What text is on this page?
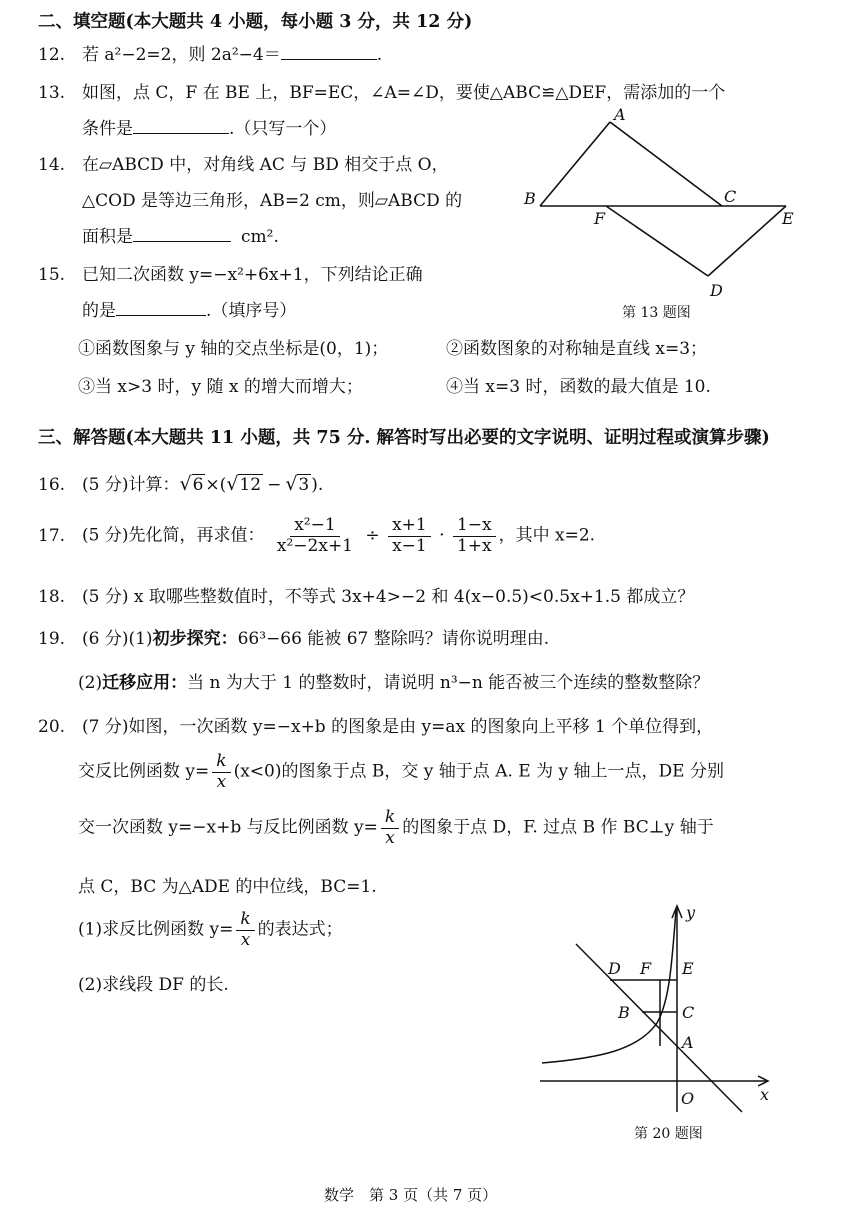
二、填空题(本大题共 4 小题，每小题 3 分，共 12 分)
12. 若 a²−2=2，则 2a²−4＝	.
13. 如图，点 C，F 在 BE 上，BF=EC，∠A=∠D，要使△ABC≌△DEF，需添加的一个
条件是	.（只写一个）
14. 在▱ABCD 中，对角线 AC 与 BD 相交于点 O，
△COD 是等边三角形，AB=2 cm，则▱ABCD 的
面积是	cm².
15. 已知二次函数 y=−x²+6x+1，下列结论正确
的是	.（填序号）
①函数图象与 y 轴的交点坐标是(0，1)；	②函数图象的对称轴是直线 x=3；
③当 x>3 时，y 随 x 的增大而增大；	④当 x=3 时，函数的最大值是 10.
A
B	C
F	E
D
第 13 题图
三、解答题(本大题共 11 小题，共 75 分. 解答时写出必要的文字说明、证明过程或演算步骤)
16. (5 分)计算：√6 ×(√12 − √3 ).
17. (5 分)先化简，再求值： $\frac{\text{x²−1}}{\text{x²−2x+1}} \div \frac{x+1}{x-1} \cdot \frac{1-x}{1+x}$ ，其中 x=2.
18. (5 分) x 取哪些整数值时，不等式 3x+4>−2 和 4(x−0.5)<0.5x+1.5 都成立？
19. (6 分)(1)初步探究：66³−66 能被 67 整除吗？请你说明理由.
(2)迁移应用：当 n 为大于 1 的整数时，请说明 n³−n 能否被三个连续的整数整除？
20. (7 分)如图，一次函数 y=−x+b 的图象是由 y=ax 的图象向上平移 1 个单位得到，
交反比例函数 $y= \frac{k}{x} (x<0)$的图象于点 B，交 y 轴于点 A. E 为 y 轴上一点，DE 分别
交一次函数 y=−x+b 与反比例函数 $y= \frac{k}{x}$ 的图象于点 D，F. 过点 B 作 BC⊥y 轴于
点 C，BC 为△ADE 的中位线，BC=1.
(1)求反比例函数 $y= \frac{k}{x}$ 的表达式；
(2)求线段 DF 的长.
D F E
B	C
A
O	x
y
第 20 题图
数学　第 3 页（共 7 页）
